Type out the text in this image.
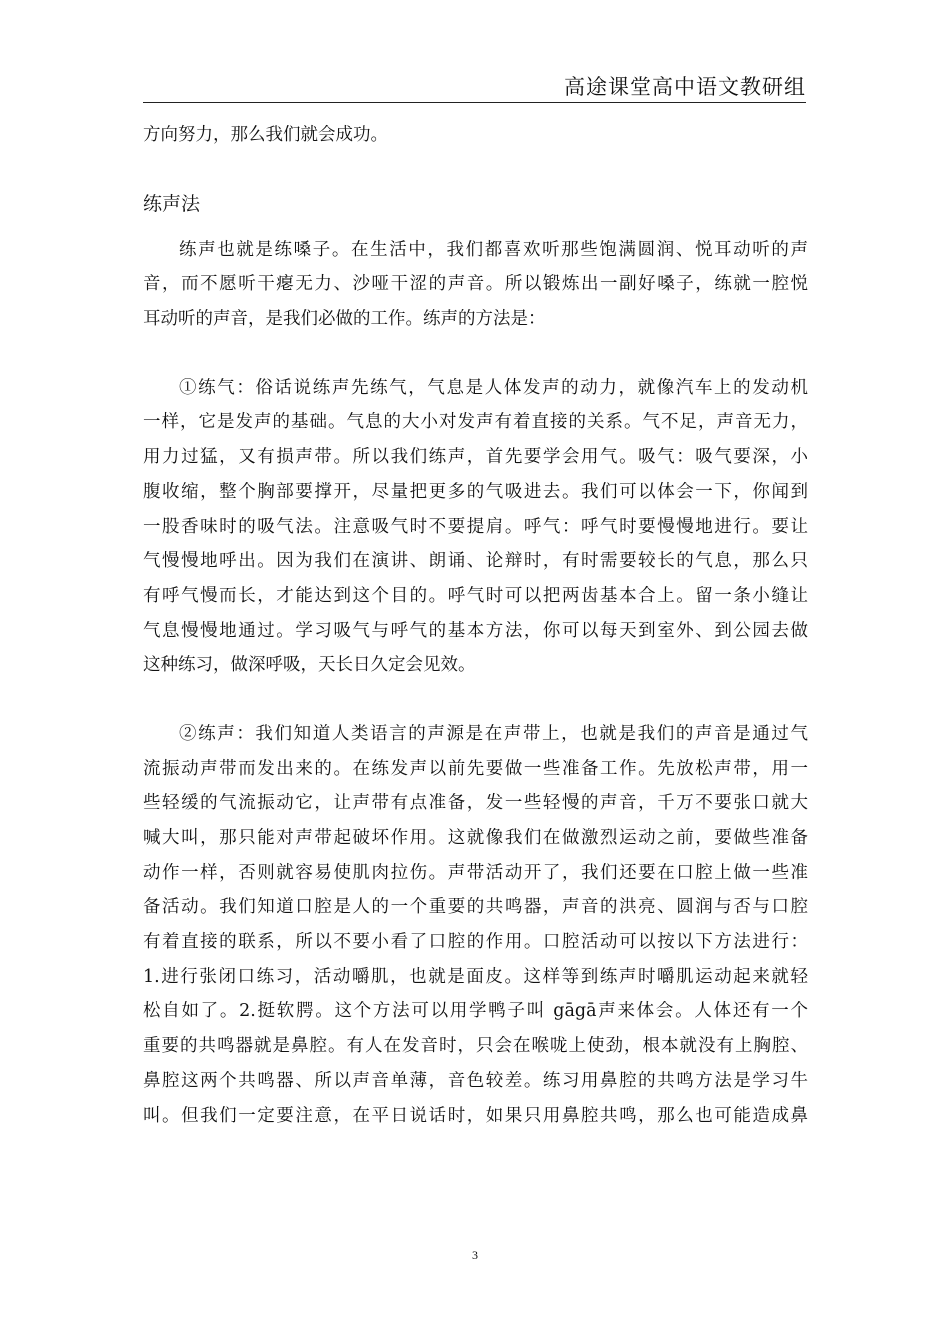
高途课堂高中语文教研组
方向努力，那么我们就会成功。
练声法
练声也就是练嗓子。在生活中，我们都喜欢听那些饱满圆润、悦耳动听的声
音，而不愿听干瘪无力、沙哑干涩的声音。所以锻炼出一副好嗓子，练就一腔悦
耳动听的声音，是我们必做的工作。练声的方法是：
①练气：俗话说练声先练气，气息是人体发声的动力，就像汽车上的发动机
一样，它是发声的基础。气息的大小对发声有着直接的关系。气不足，声音无力，
用力过猛，又有损声带。所以我们练声，首先要学会用气。吸气：吸气要深，小
腹收缩，整个胸部要撑开，尽量把更多的气吸进去。我们可以体会一下，你闻到
一股香味时的吸气法。注意吸气时不要提肩。呼气：呼气时要慢慢地进行。要让
气慢慢地呼出。因为我们在演讲、朗诵、论辩时，有时需要较长的气息，那么只
有呼气慢而长，才能达到这个目的。呼气时可以把两齿基本合上。留一条小缝让
气息慢慢地通过。学习吸气与呼气的基本方法，你可以每天到室外、到公园去做
这种练习，做深呼吸，天长日久定会见效。
②练声：我们知道人类语言的声源是在声带上，也就是我们的声音是通过气
流振动声带而发出来的。在练发声以前先要做一些准备工作。先放松声带，用一
些轻缓的气流振动它，让声带有点准备，发一些轻慢的声音，千万不要张口就大
喊大叫，那只能对声带起破坏作用。这就像我们在做激烈运动之前，要做些准备
动作一样，否则就容易使肌肉拉伤。声带活动开了，我们还要在口腔上做一些准
备活动。我们知道口腔是人的一个重要的共鸣器，声音的洪亮、圆润与否与口腔
有着直接的联系，所以不要小看了口腔的作用。口腔活动可以按以下方法进行：
1.进行张闭口练习，活动嚼肌，也就是面皮。这样等到练声时嚼肌运动起来就轻
松自如了。2.挺软腭。这个方法可以用学鸭子叫 gāgā声来体会。人体还有一个
重要的共鸣器就是鼻腔。有人在发音时，只会在喉咙上使劲，根本就没有上胸腔、
鼻腔这两个共鸣器、所以声音单薄，音色较差。练习用鼻腔的共鸣方法是学习牛
叫。但我们一定要注意，在平日说话时，如果只用鼻腔共鸣，那么也可能造成鼻
3
